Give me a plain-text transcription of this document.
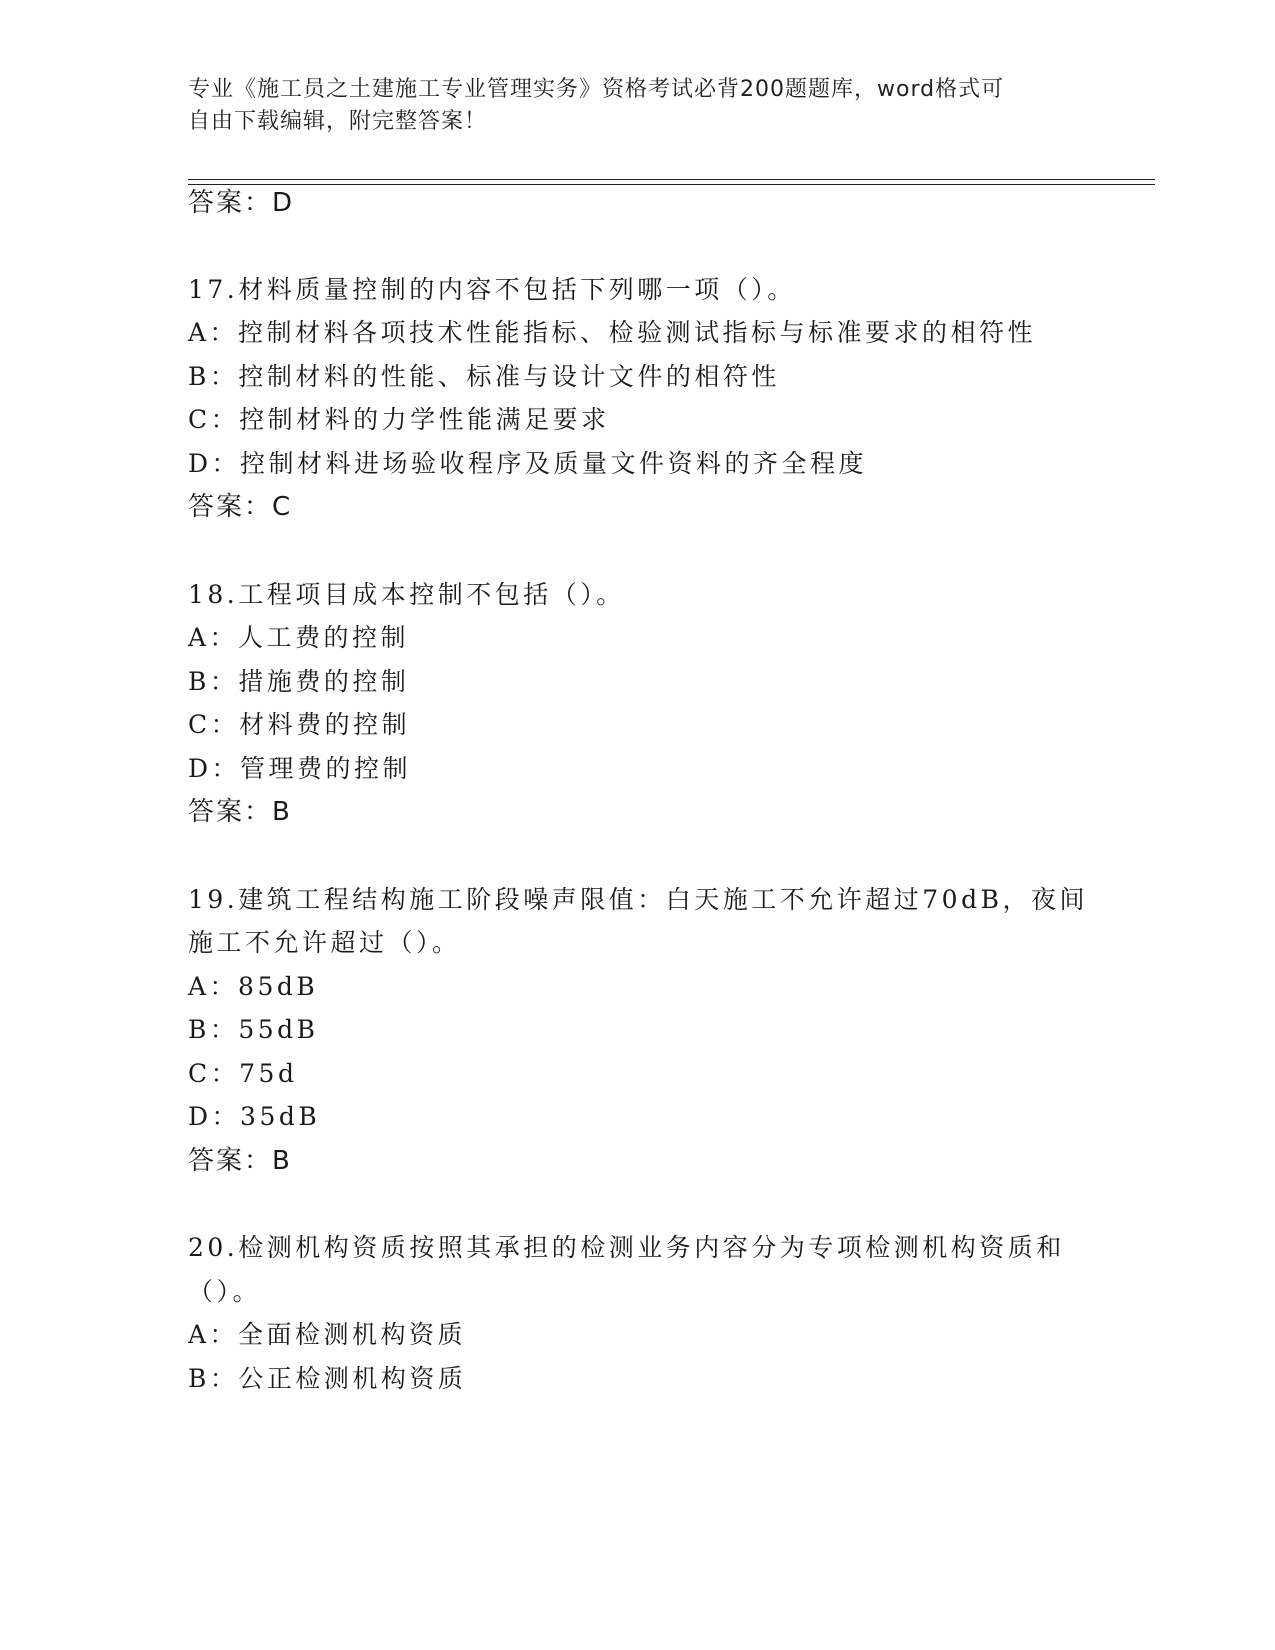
专业《施工员之土建施工专业管理实务》资格考试必背200题题库，word格式可
自由下载编辑，附完整答案！
答案：D
17.材料质量控制的内容不包括下列哪一项（）。
A：控制材料各项技术性能指标、检验测试指标与标准要求的相符性
B：控制材料的性能、标准与设计文件的相符性
C：控制材料的力学性能满足要求
D：控制材料进场验收程序及质量文件资料的齐全程度
答案：C
18.工程项目成本控制不包括（）。
A：人工费的控制
B：措施费的控制
C：材料费的控制
D：管理费的控制
答案：B
19.建筑工程结构施工阶段噪声限值：白天施工不允许超过70dB，夜间
施工不允许超过（）。
A：85dB
B：55dB
C：75d
D：35dB
答案：B
20.检测机构资质按照其承担的检测业务内容分为专项检测机构资质和
（）。
A：全面检测机构资质
B：公正检测机构资质
